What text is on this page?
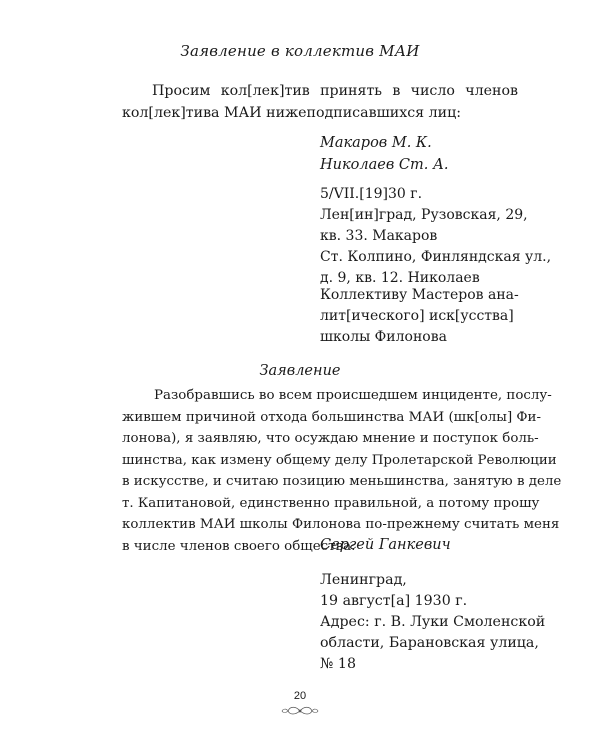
Заявление в коллектив МАИ

Просим кол[лек]тив принять в число членов кол[лек]тива МАИ нижеподписавшихся лиц:

Макаров М. К.
Николаев Ст. А.
5/VII.[19]30 г.
Лен[ин]град, Рузовская, 29,
кв. 33. Макаров
Ст. Колпино, Финляндская ул.,
д. 9, кв. 12. Николаев
Коллективу Мастеров ана-
лит[ического] иск[усства]
школы Филонова
Заявление
Разобравшись во всем происшедшем инциденте, послу-
жившем причиной отхода большинства МАИ (шк[олы] Фи-
лонова), я заявляю, что осуждаю мнение и поступок боль-
шинства, как измену общему делу Пролетарской Революции
в искусстве, и считаю позицию меньшинства, занятую в деле
т. Капитановой, единственно правильной, а потому прошу
коллектив МАИ школы Филонова по-прежнему считать меня
в числе членов своего общества.
Сергей Ганкевич
Ленинград,
19 август[а] 1930 г.
Адрес: г. В. Луки Смоленской
области, Барановская улица,
№ 18
20
